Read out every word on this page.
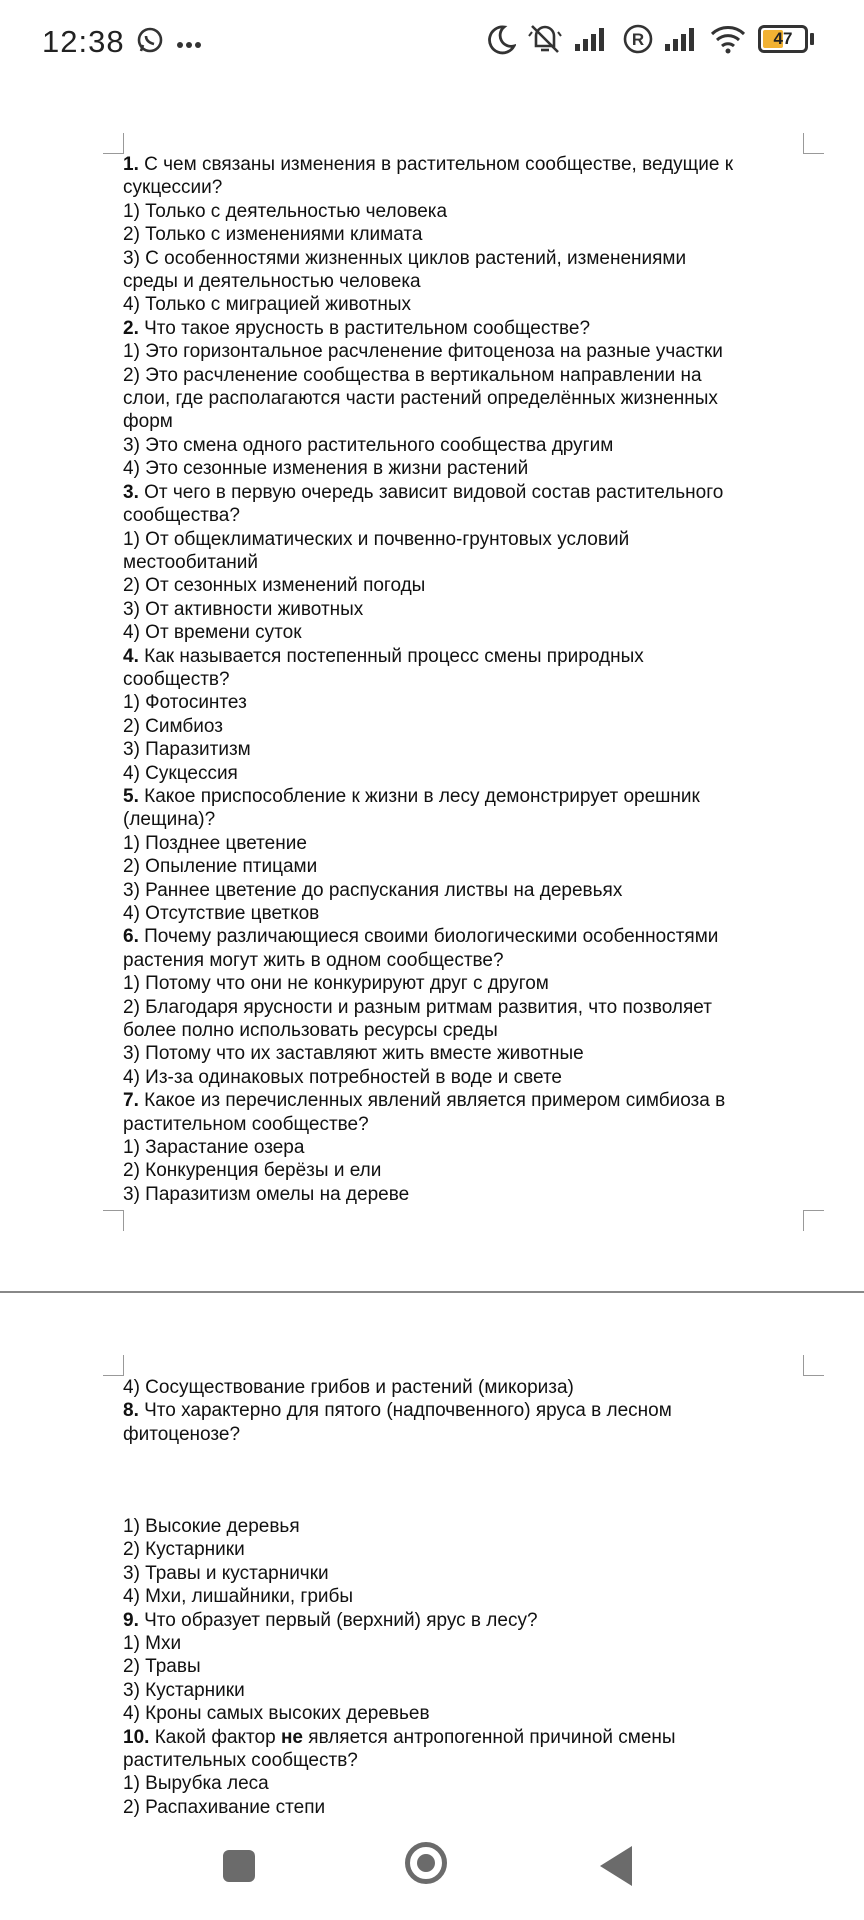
12:38	R	47
1. С чем связаны изменения в растительном сообществе, ведущие к
сукцессии?
1) Только с деятельностью человека
2) Только с изменениями климата
3) С особенностями жизненных циклов растений, изменениями
среды и деятельностью человека
4) Только с миграцией животных
2. Что такое ярусность в растительном сообществе?
1) Это горизонтальное расчленение фитоценоза на разные участки
2) Это расчленение сообщества в вертикальном направлении на
слои, где располагаются части растений определённых жизненных
форм
3) Это смена одного растительного сообщества другим
4) Это сезонные изменения в жизни растений
3. От чего в первую очередь зависит видовой состав растительного
сообщества?
1) От общеклиматических и почвенно-грунтовых условий
местообитаний
2) От сезонных изменений погоды
3) От активности животных
4) От времени суток
4. Как называется постепенный процесс смены природных
сообществ?
1) Фотосинтез
2) Симбиоз
3) Паразитизм
4) Сукцессия
5. Какое приспособление к жизни в лесу демонстрирует орешник
(лещина)?
1) Позднее цветение
2) Опыление птицами
3) Раннее цветение до распускания листвы на деревьях
4) Отсутствие цветков
6. Почему различающиеся своими биологическими особенностями
растения могут жить в одном сообществе?
1) Потому что они не конкурируют друг с другом
2) Благодаря ярусности и разным ритмам развития, что позволяет
более полно использовать ресурсы среды
3) Потому что их заставляют жить вместе животные
4) Из-за одинаковых потребностей в воде и свете
7. Какое из перечисленных явлений является примером симбиоза в
растительном сообществе?
1) Зарастание озера
2) Конкуренция берёзы и ели
3) Паразитизм омелы на дереве
4) Сосуществование грибов и растений (микориза)
8. Что характерно для пятого (надпочвенного) яруса в лесном
фитоценозе?
1) Высокие деревья
2) Кустарники
3) Травы и кустарнички
4) Мхи, лишайники, грибы
9. Что образует первый (верхний) ярус в лесу?
1) Мхи
2) Травы
3) Кустарники
4) Кроны самых высоких деревьев
10. Какой фактор не является антропогенной причиной смены
растительных сообществ?
1) Вырубка леса
2) Распахивание степи
